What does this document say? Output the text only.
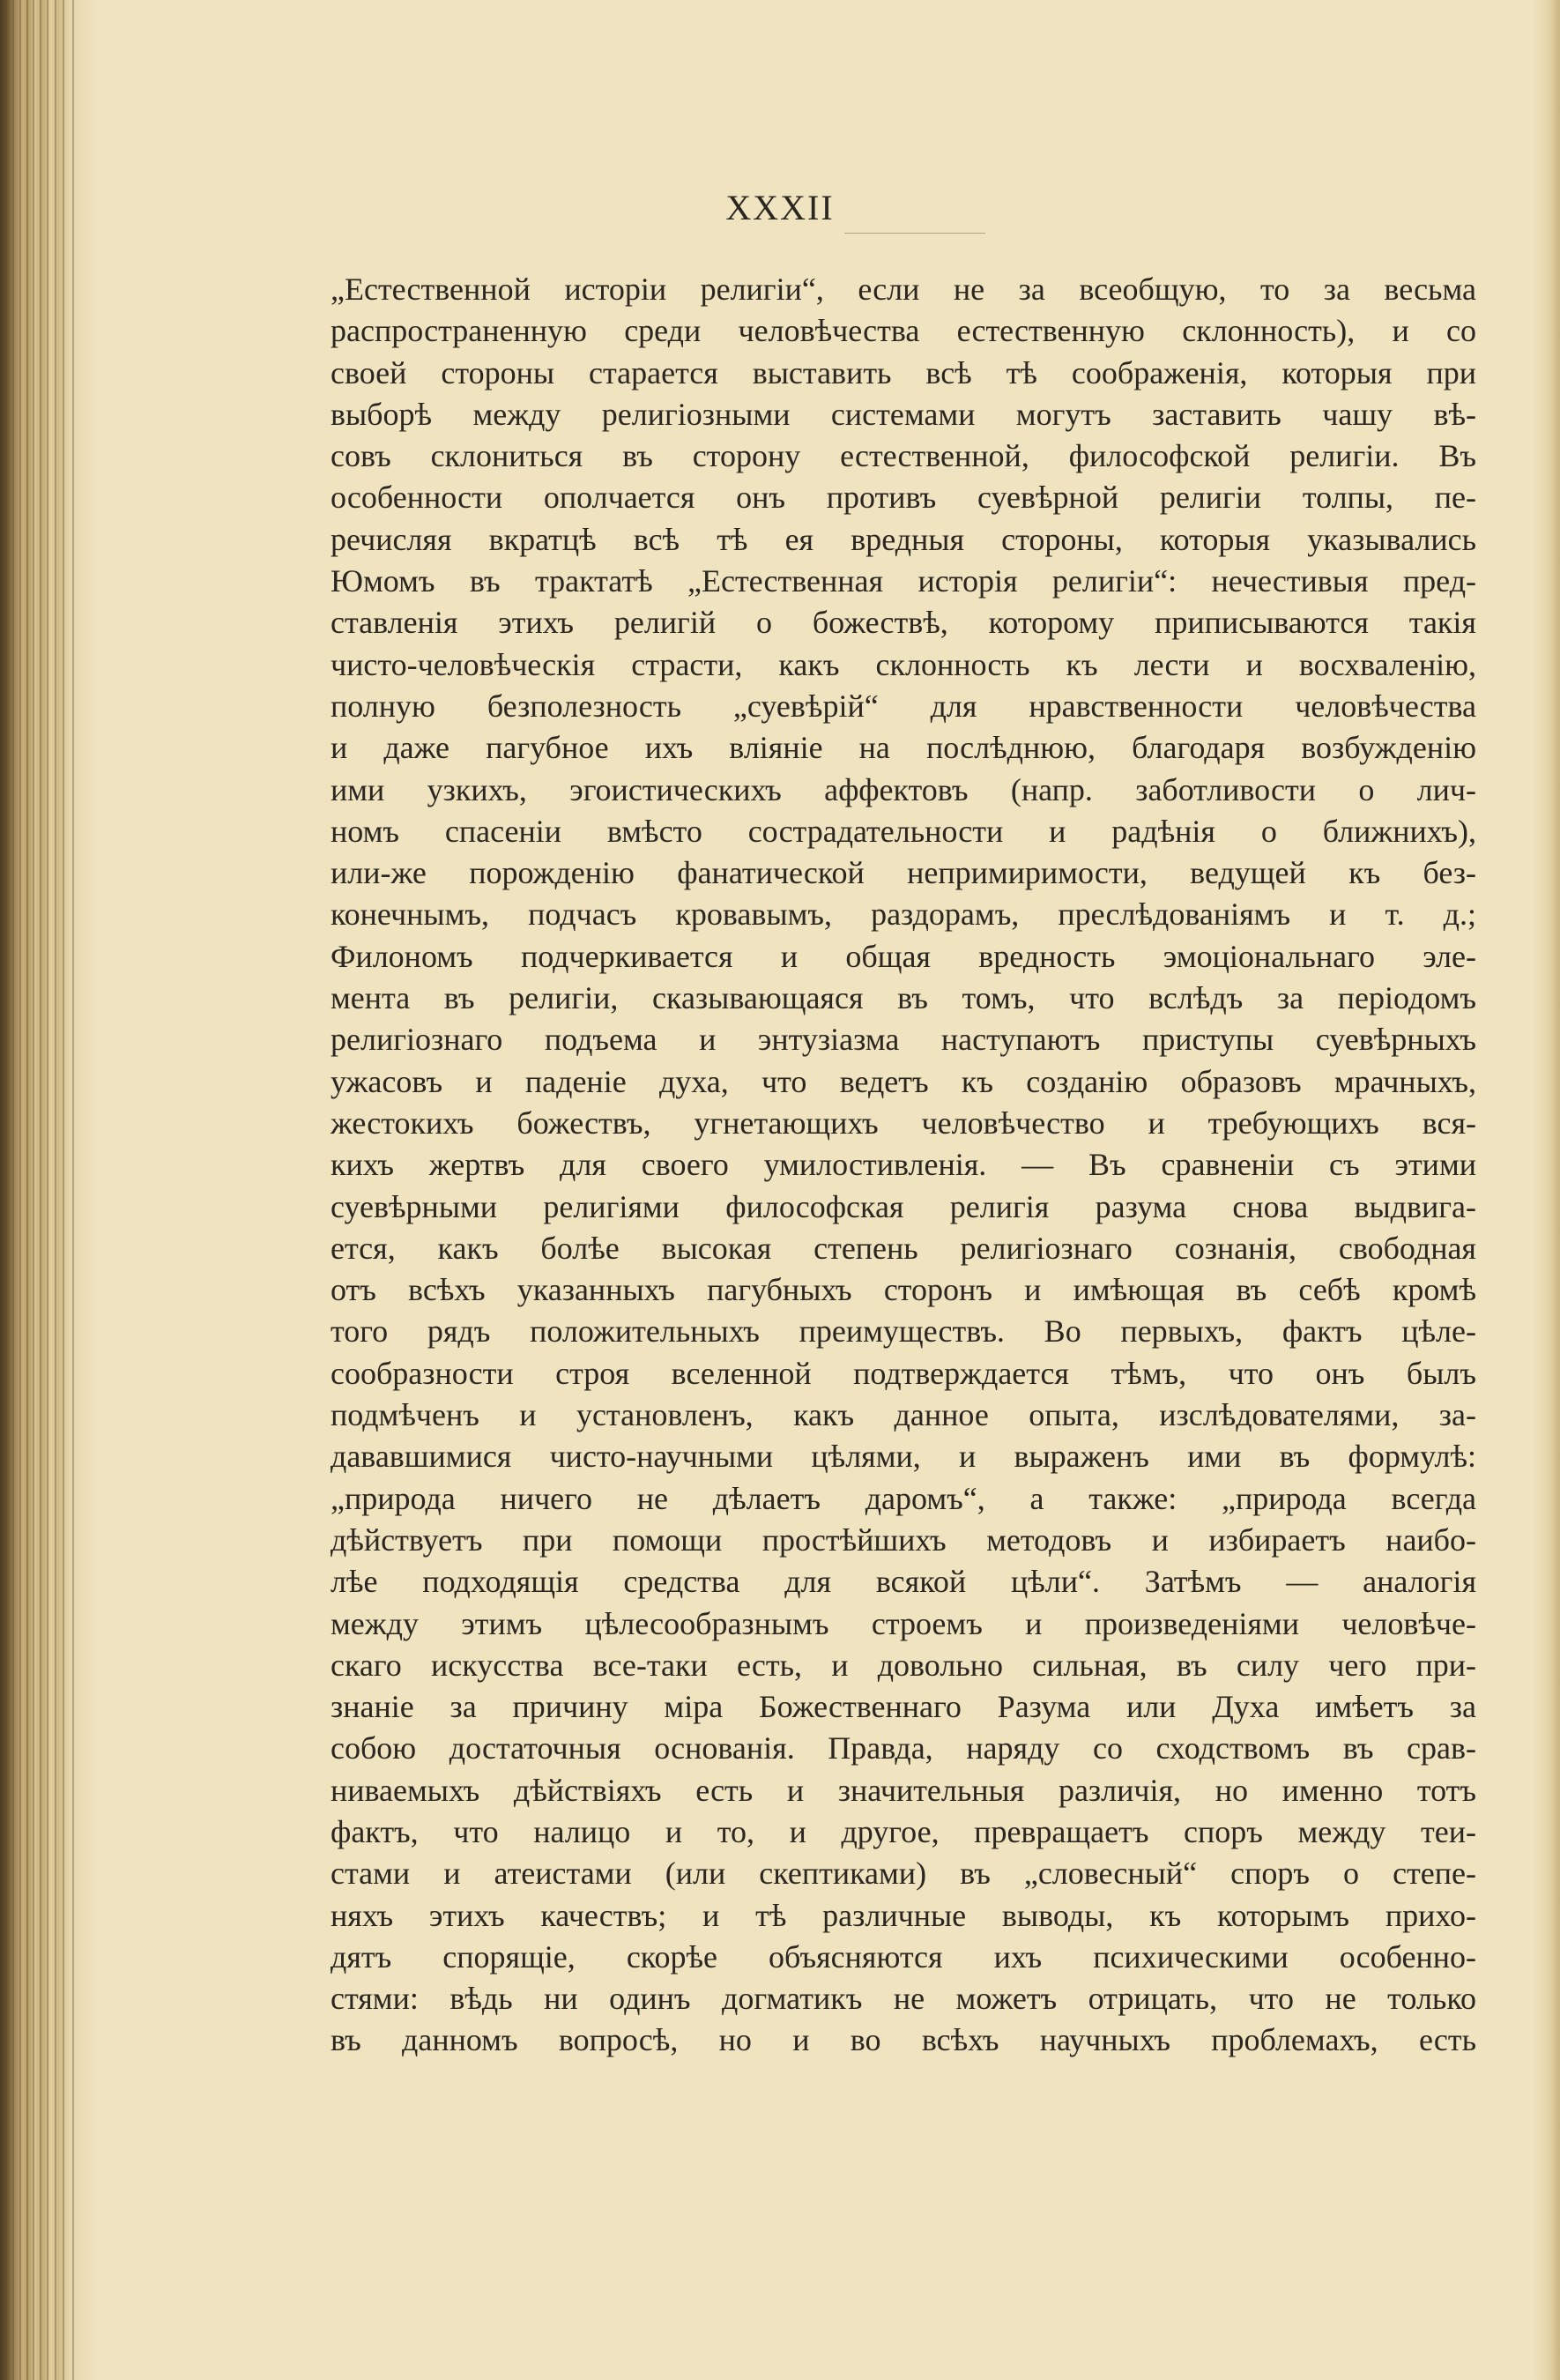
XXXII
„Естественной исторiи религiи“, если не за всеобщую, то за весьма
распространенную среди человѣчества естественную склонность), и со
своей стороны старается выставить всѣ тѣ соображенiя, которыя при
выборѣ между религiозными системами могутъ заставить чашу вѣ-
совъ склониться въ сторону естественной, философской религiи. Въ
особенности ополчается онъ противъ суевѣрной религiи толпы, пе-
речисляя вкратцѣ всѣ тѣ ея вредныя стороны, которыя указывались
Юмомъ въ трактатѣ „Естественная исторiя религiи“: нечестивыя пред-
ставленiя этихъ религiй о божествѣ, которому приписываются такiя
чисто-человѣческiя страсти, какъ склонность къ лести и восхваленiю,
полную безполезность „суевѣрiй“ для нравственности человѣчества
и даже пагубное ихъ влiянiе на послѣднюю, благодаря возбужденiю
ими узкихъ, эгоистическихъ аффектовъ (напр. заботливости о лич-
номъ спасенiи вмѣсто сострадательности и радѣнiя о ближнихъ),
или-же порожденiю фанатической непримиримости, ведущей къ без-
конечнымъ, подчасъ кровавымъ, раздорамъ, преслѣдованiямъ и т. д.;
Филономъ подчеркивается и общая вредность эмоцiональнаго эле-
мента въ религiи, сказывающаяся въ томъ, что вслѣдъ за перiодомъ
религiознаго подъема и энтузiазма наступаютъ приступы суевѣрныхъ
ужасовъ и паденiе духа, что ведетъ къ созданiю образовъ мрачныхъ,
жестокихъ божествъ, угнетающихъ человѣчество и требующихъ вся-
кихъ жертвъ для своего умилостивленiя. — Въ сравненiи съ этими
суевѣрными религiями философская религiя разума снова выдвига-
ется, какъ болѣе высокая степень религiознаго сознанiя, свободная
отъ всѣхъ указанныхъ пагубныхъ сторонъ и имѣющая въ себѣ кромѣ
того рядъ положительныхъ преимуществъ. Во первыхъ, фактъ цѣле-
сообразности строя вселенной подтверждается тѣмъ, что онъ былъ
подмѣченъ и установленъ, какъ данное опыта, изслѣдователями, за-
дававшимися чисто-научными цѣлями, и выраженъ ими въ формулѣ:
„природа ничего не дѣлаетъ даромъ“, а также: „природа всегда
дѣйствуетъ при помощи простѣйшихъ методовъ и избираетъ наибо-
лѣе подходящiя средства для всякой цѣли“. Затѣмъ — аналогiя
между этимъ цѣлесообразнымъ строемъ и произведенiями человѣче-
скаго искусства все-таки есть, и довольно сильная, въ силу чего при-
знанiе за причину мiра Божественнаго Разума или Духа имѣетъ за
собою достаточныя основанiя. Правда, наряду со сходствомъ въ срав-
ниваемыхъ дѣйствiяхъ есть и значительныя различiя, но именно тотъ
фактъ, что налицо и то, и другое, превращаетъ споръ между теи-
стами и атеистами (или скептиками) въ „словесный“ споръ о степе-
няхъ этихъ качествъ; и тѣ различные выводы, къ которымъ прихо-
дятъ спорящiе, скорѣе объясняются ихъ психическими особенно-
стями: вѣдь ни одинъ догматикъ не можетъ отрицать, что не только
въ данномъ вопросѣ, но и во всѣхъ научныхъ проблемахъ, есть
